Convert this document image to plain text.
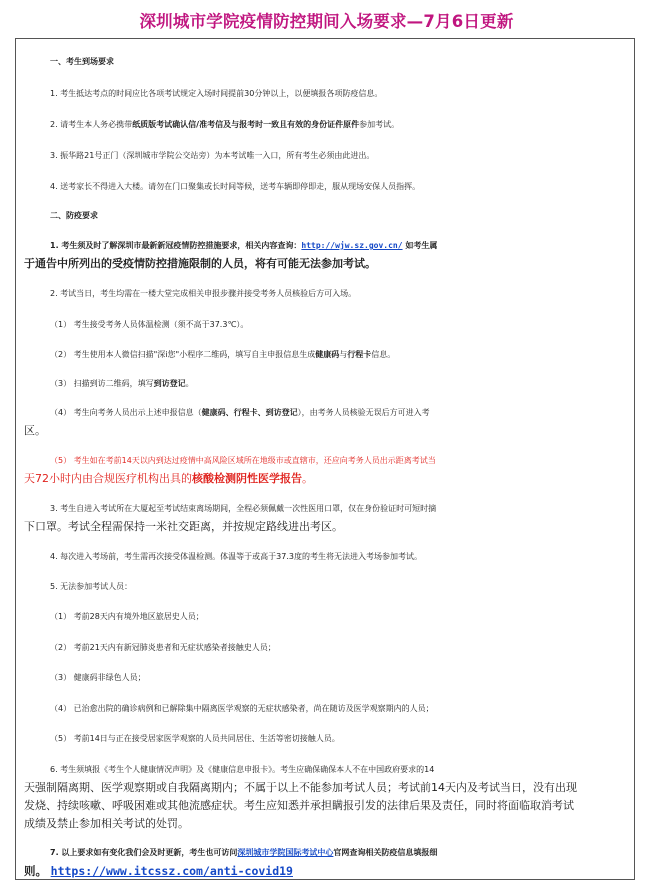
深圳城市学院疫情防控期间入场要求—7月6日更新
一、考生到场要求
1. 考生抵达考点的时间应比各项考试规定入场时间提前30分钟以上，以便填报各项防疫信息。
2. 请考生本人务必携带纸质版考试确认信/准考信及与报考时一致且有效的身份证件原件参加考试。
3. 振华路21号正门（深圳城市学院公交站旁）为本考试唯一入口，所有考生必须由此进出。
4. 送考家长不得进入大楼。请勿在门口聚集或长时间等候，送考车辆即停即走，服从现场安保人员指挥。
二、防疫要求
1. 考生须及时了解深圳市最新新冠疫情防控措施要求，相关内容查询：http://wjw.sz.gov.cn/ 如考生属
于通告中所列出的受疫情防控措施限制的人员，将有可能无法参加考试。
2. 考试当日，考生均需在一楼大堂完成相关申报步骤并接受考务人员核验后方可入场。
（1） 考生接受考务人员体温检测（须不高于37.3℃）。
（2） 考生使用本人微信扫描"深i您"小程序二维码，填写自主申报信息生成健康码与行程卡信息。
（3） 扫描到访二维码，填写到访登记。
（4） 考生向考务人员出示上述申报信息（健康码、行程卡、到访登记），由考务人员核验无误后方可进入考
区。
（5） 考生如在考前14天以内到达过疫情中高风险区域所在地级市或直辖市，还应向考务人员出示距离考试当
天72小时内由合规医疗机构出具的核酸检测阴性医学报告。
3. 考生自进入考试所在大厦起至考试结束离场期间，全程必须佩戴一次性医用口罩，仅在身份验证时可短时摘
下口罩。考试全程需保持一米社交距离，并按规定路线进出考区。
4. 每次进入考场前，考生需再次接受体温检测。体温等于或高于37.3度的考生将无法进入考场参加考试。
5. 无法参加考试人员：
（1） 考前28天内有境外地区旅居史人员；
（2） 考前21天内有新冠肺炎患者和无症状感染者接触史人员；
（3） 健康码非绿色人员；
（4） 已治愈出院的确诊病例和已解除集中隔离医学观察的无症状感染者，尚在随访及医学观察期内的人员；
（5） 考前14日与正在接受居家医学观察的人员共同居住、生活等密切接触人员。
6. 考生须填报《考生个人健康情况声明》及《健康信息申报卡》。考生应确保确保本人不在中国政府要求的14
天强制隔离期、医学观察期或自我隔离期内；不属于以上不能参加考试人员；考试前14天内及考试当日，没有出现
发烧、持续咳嗽、呼吸困难或其他流感症状。考生应知悉并承担瞒报引发的法律后果及责任，同时将面临取消考试
成绩及禁止参加相关考试的处罚。
7. 以上要求如有变化我们会及时更新，考生也可访问深圳城市学院国际考试中心官网查询相关防疫信息填报细
则。 https://www.itcssz.com/anti-covid19
